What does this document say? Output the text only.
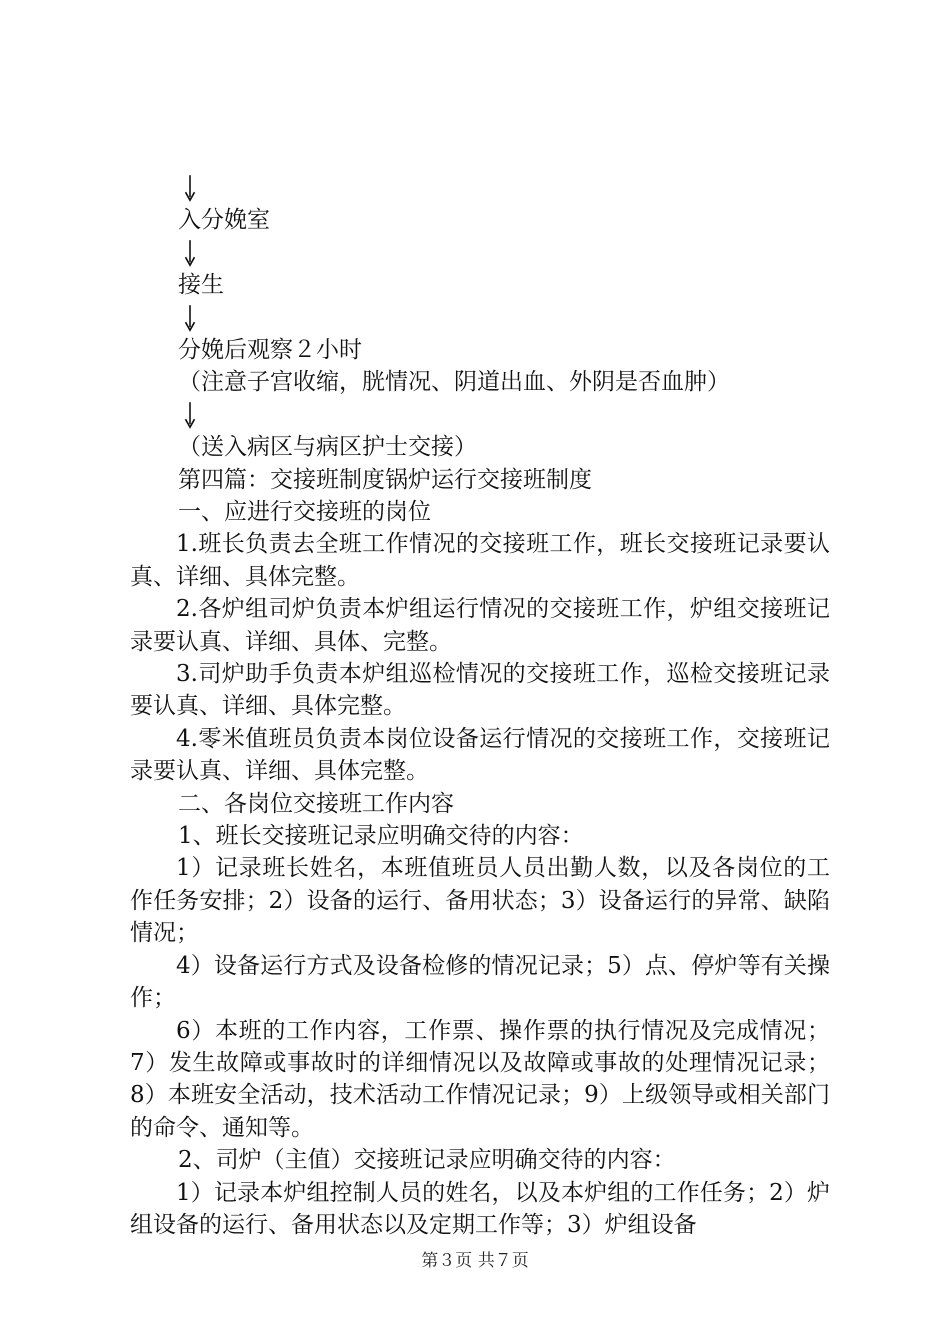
入分娩室

接生

分娩后观察２小时

（注意子宫收缩，胱情况、阴道出血、外阴是否血肿）

（送入病区与病区护士交接）

第四篇：交接班制度锅炉运行交接班制度

一、应进行交接班的岗位

1.班长负责去全班工作情况的交接班工作，班长交接班记录要认真、详细、具体完整。

2.各炉组司炉负责本炉组运行情况的交接班工作，炉组交接班记录要认真、详细、具体、完整。

3.司炉助手负责本炉组巡检情况的交接班工作，巡检交接班记录要认真、详细、具体完整。

4.零米值班员负责本岗位设备运行情况的交接班工作，交接班记录要认真、详细、具体完整。

二、各岗位交接班工作内容

1、班长交接班记录应明确交待的内容：

1）记录班长姓名，本班值班员人员出勤人数，以及各岗位的工作任务安排；2）设备的运行、备用状态；3）设备运行的异常、缺陷情况；

4）设备运行方式及设备检修的情况记录；5）点、停炉等有关操作；

6）本班的工作内容，工作票、操作票的执行情况及完成情况；7）发生故障或事故时的详细情况以及故障或事故的处理情况记录；8）本班安全活动，技术活动工作情况记录；9）上级领导或相关部门的命令、通知等。

2、司炉（主值）交接班记录应明确交待的内容：

1）记录本炉组控制人员的姓名，以及本炉组的工作任务；2）炉组设备的运行、备用状态以及定期工作等；3）炉组设备

第３页 共７页
